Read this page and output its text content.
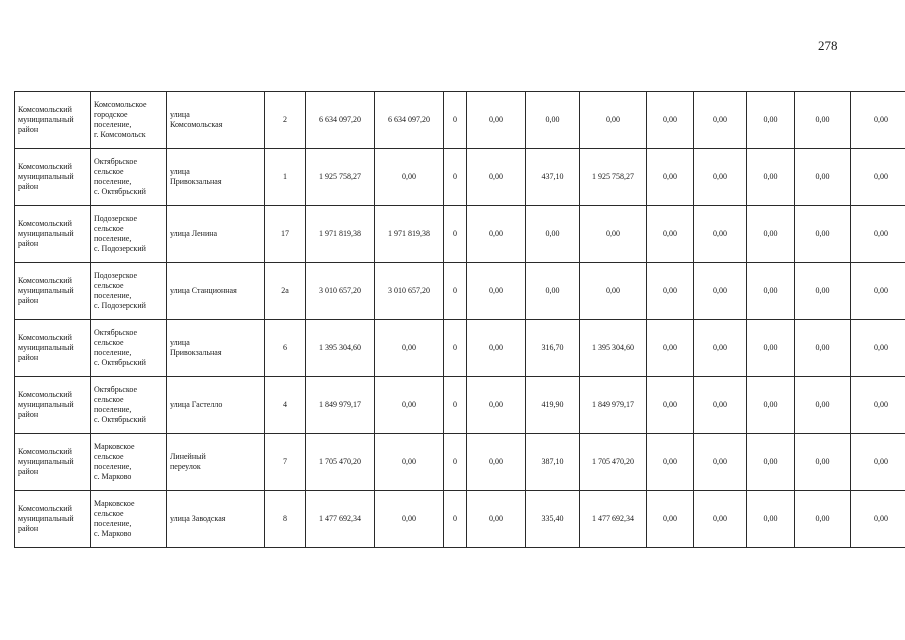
278
Комсомольский
муниципальный
район	Комсомольское
городское
поселение,
г. Комсомольск	улица
Комсомольская	2	6 634 097,20	6 634 097,20	0	0,00	0,00	0,00	0,00	0,00	0,00	0,00	0,00
Комсомольский
муниципальный
район	Октябрьское
сельское
поселение,
с. Октябрьский	улица
Привокзальная	1	1 925 758,27	0,00	0	0,00	437,10	1 925 758,27	0,00	0,00	0,00	0,00	0,00
Комсомольский
муниципальный
район	Подозерское
сельское
поселение,
с. Подозерский	улица Ленина	17	1 971 819,38	1 971 819,38	0	0,00	0,00	0,00	0,00	0,00	0,00	0,00	0,00
Комсомольский
муниципальный
район	Подозерское
сельское
поселение,
с. Подозерский	улица Станционная	2а	3 010 657,20	3 010 657,20	0	0,00	0,00	0,00	0,00	0,00	0,00	0,00	0,00
Комсомольский
муниципальный
район	Октябрьское
сельское
поселение,
с. Октябрьский	улица
Привокзальная	6	1 395 304,60	0,00	0	0,00	316,70	1 395 304,60	0,00	0,00	0,00	0,00	0,00
Комсомольский
муниципальный
район	Октябрьское
сельское
поселение,
с. Октябрьский	улица Гастелло	4	1 849 979,17	0,00	0	0,00	419,90	1 849 979,17	0,00	0,00	0,00	0,00	0,00
Комсомольский
муниципальный
район	Марковское
сельское
поселение,
с. Марково	Линейный
переулок	7	1 705 470,20	0,00	0	0,00	387,10	1 705 470,20	0,00	0,00	0,00	0,00	0,00
Комсомольский
муниципальный
район	Марковское
сельское
поселение,
с. Марково	улица Заводская	8	1 477 692,34	0,00	0	0,00	335,40	1 477 692,34	0,00	0,00	0,00	0,00	0,00
